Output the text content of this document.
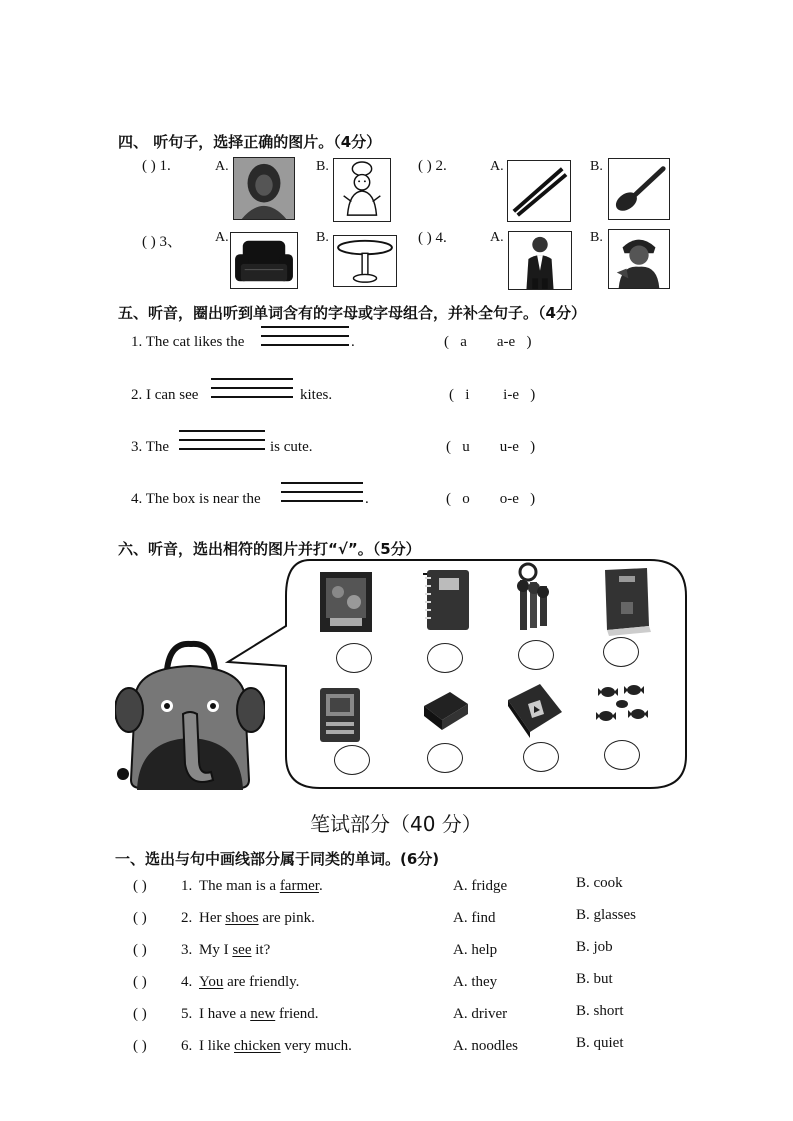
四、 听句子，选择正确的图片。（4分）
( ) 1.	A.	B.	( ) 2.	A.	B.
( ) 3、 A.	B.	( ) 4.	A.	B.
五、听音，圈出听到单词含有的字母或字母组合，并补全句子。（4分）
1. The cat likes the	.	(   a        a-e   )
2. I can see	kites.	(   i         i-e   )
3. The	is cute.	(   u        u-e   )
4. The box is near the	.	(   o        o-e   )
六、听音，选出相符的图片并打“√”。（5分）
笔试部分（40 分）
一、选出与句中画线部分属于同类的单词。(6分)
( ) 1. The man is a farmer.	A. fridge	B. cook
( ) 2. Her shoes are pink.	A. find	B. glasses
( ) 3. My I see it?	A. help	B. job
( ) 4. You are friendly.	A. they	B. but
( ) 5. I have a new friend.	A. driver	B. short
( ) 6. I like chicken very much.	A. noodles	B. quiet
